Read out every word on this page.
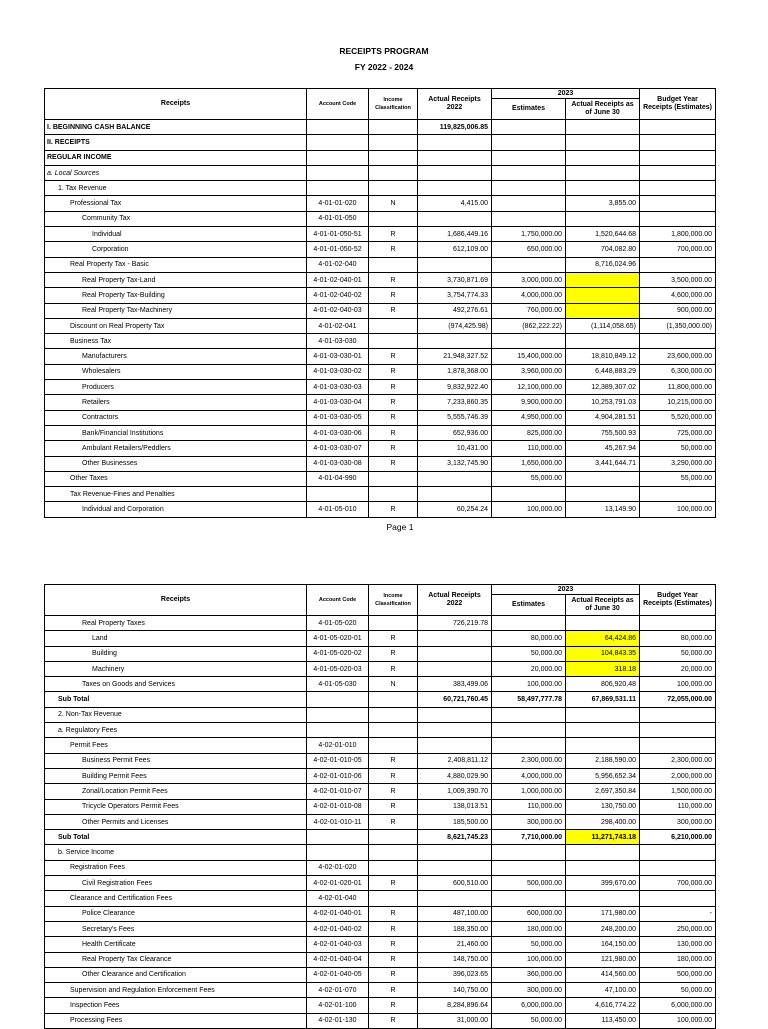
RECEIPTS PROGRAM
FY 2022 - 2024
Receipts	Account Code	Income Classification	Actual Receipts 2022	2023		Budget Year Receipts (Estimates)
				Estimates	Actual Receipts as of June 30	
I. BEGINNING CASH BALANCE			119,825,006.85			
II. RECEIPTS						
REGULAR INCOME						
a. Local Sources						
1. Tax Revenue						
Professional Tax	4-01-01-020	N	4,415.00		3,855.00	
Community Tax	4-01-01-050					
Individual	4-01-01-050-51	R	1,686,449.16	1,750,000.00	1,520,644.68	1,800,000.00
Corporation	4-01-01-050-52	R	612,109.00	650,000.00	704,082.80	700,000.00
Real Property Tax - Basic	4-01-02-040				8,716,024.96	
Real Property Tax-Land	4-01-02-040-01	R	3,730,871.69	3,000,000.00		3,500,000.00
Real Property Tax-Building	4-01-02-040-02	R	3,754,774.33	4,000,000.00		4,600,000.00
Real Property Tax-Machinery	4-01-02-040-03	R	492,276.61	760,000.00		900,000.00
Discount on Real Property Tax	4-01-02-041		(974,425.98)	(862,222.22)	(1,114,058.65)	(1,350,000.00)
Business Tax	4-01-03-030					
Manufacturers	4-01-03-030-01	R	21,948,327.52	15,400,000.00	18,810,849.12	23,600,000.00
Wholesalers	4-01-03-030-02	R	1,878,368.00	3,960,000.00	6,448,883.29	6,300,000.00
Producers	4-01-03-030-03	R	9,832,922.40	12,100,000.00	12,389,307.02	11,800,000.00
Retailers	4-01-03-030-04	R	7,233,860.35	9,900,000.00	10,253,791.03	10,215,000.00
Contractors	4-01-03-030-05	R	5,555,746.39	4,950,000.00	4,904,281.51	5,520,000.00
Bank/Financial Institutions	4-01-03-030-06	R	652,936.00	825,000.00	755,500.93	725,000.00
Ambulant Retailers/Peddlers	4-01-03-030-07	R	10,431.00	110,000.00	45,267.94	50,000.00
Other Businesses	4-01-03-030-08	R	3,132,745.90	1,650,000.00	3,441,644.71	3,290,000.00
Other Taxes	4-01-04-990			55,000.00		55,000.00
Tax Revenue-Fines and Penalties						
Individual and Corporation	4-01-05-010	R	60,254.24	100,000.00	13,149.90	100,000.00
Page 1
Receipts	Account Code	Income Classification	Actual Receipts 2022	2023		Budget Year Receipts (Estimates)
				Estimates	Actual Receipts as of June 30	
Real Property Taxes	4-01-05-020		726,219.78			
Land	4-01-05-020-01	R		80,000.00	64,424.86	80,000.00
Building	4-01-05-020-02	R		50,000.00	104,843.35	50,000.00
Machinery	4-01-05-020-03	R		20,000.00	318.18	20,000.00
Taxes on Goods and Services	4-01-05-030	N	383,499.06	100,000.00	806,920.48	100,000.00
Sub Total			60,721,760.45	58,497,777.78	67,869,531.11	72,055,000.00
2. Non-Tax Revenue						
a. Regulatory Fees						
Permit Fees	4-02-01-010					
Business Permit Fees	4-02-01-010-05	R	2,408,811.12	2,300,000.00	2,188,590.00	2,300,000.00
Building Permit Fees	4-02-01-010-06	R	4,880,029.90	4,000,000.00	5,956,652.34	2,000,000.00
Zonal/Location Permit Fees	4-02-01-010-07	R	1,009,390.70	1,000,000.00	2,697,350.84	1,500,000.00
Tricycle Operators Permit Fees	4-02-01-010-08	R	138,013.51	110,000.00	130,750.00	110,000.00
Other Permits and Licenses	4-02-01-010-11	R	185,500.00	300,000.00	298,400.00	300,000.00
Sub Total			8,621,745.23	7,710,000.00	11,271,743.18	6,210,000.00
b. Service Income						
Registration Fees	4-02-01-020					
Civil Registration Fees	4-02-01-020-01	R	600,510.00	500,000.00	399,670.00	700,000.00
Clearance and Certification Fees	4-02-01-040					
Police Clearance	4-02-01-040-01	R	487,100.00	600,000.00	171,980.00	-
Secretary's Fees	4-02-01-040-02	R	188,350.00	180,000.00	248,200.00	250,000.00
Health Certificate	4-02-01-040-03	R	21,460.00	50,000.00	164,150.00	130,000.00
Real Property Tax Clearance	4-02-01-040-04	R	148,750.00	100,000.00	121,980.00	180,000.00
Other Clearance and Certification	4-02-01-040-05	R	396,023.65	360,000.00	414,560.00	500,000.00
Supervision and Regulation Enforcement Fees	4-02-01-070	R	140,750.00	300,000.00	47,100.00	50,000.00
Inspection Fees	4-02-01-100	R	8,284,896.64	6,000,000.00	4,616,774.22	6,000,000.00
Processing Fees	4-02-01-130	R	31,000.00	50,000.00	113,450.00	100,000.00
